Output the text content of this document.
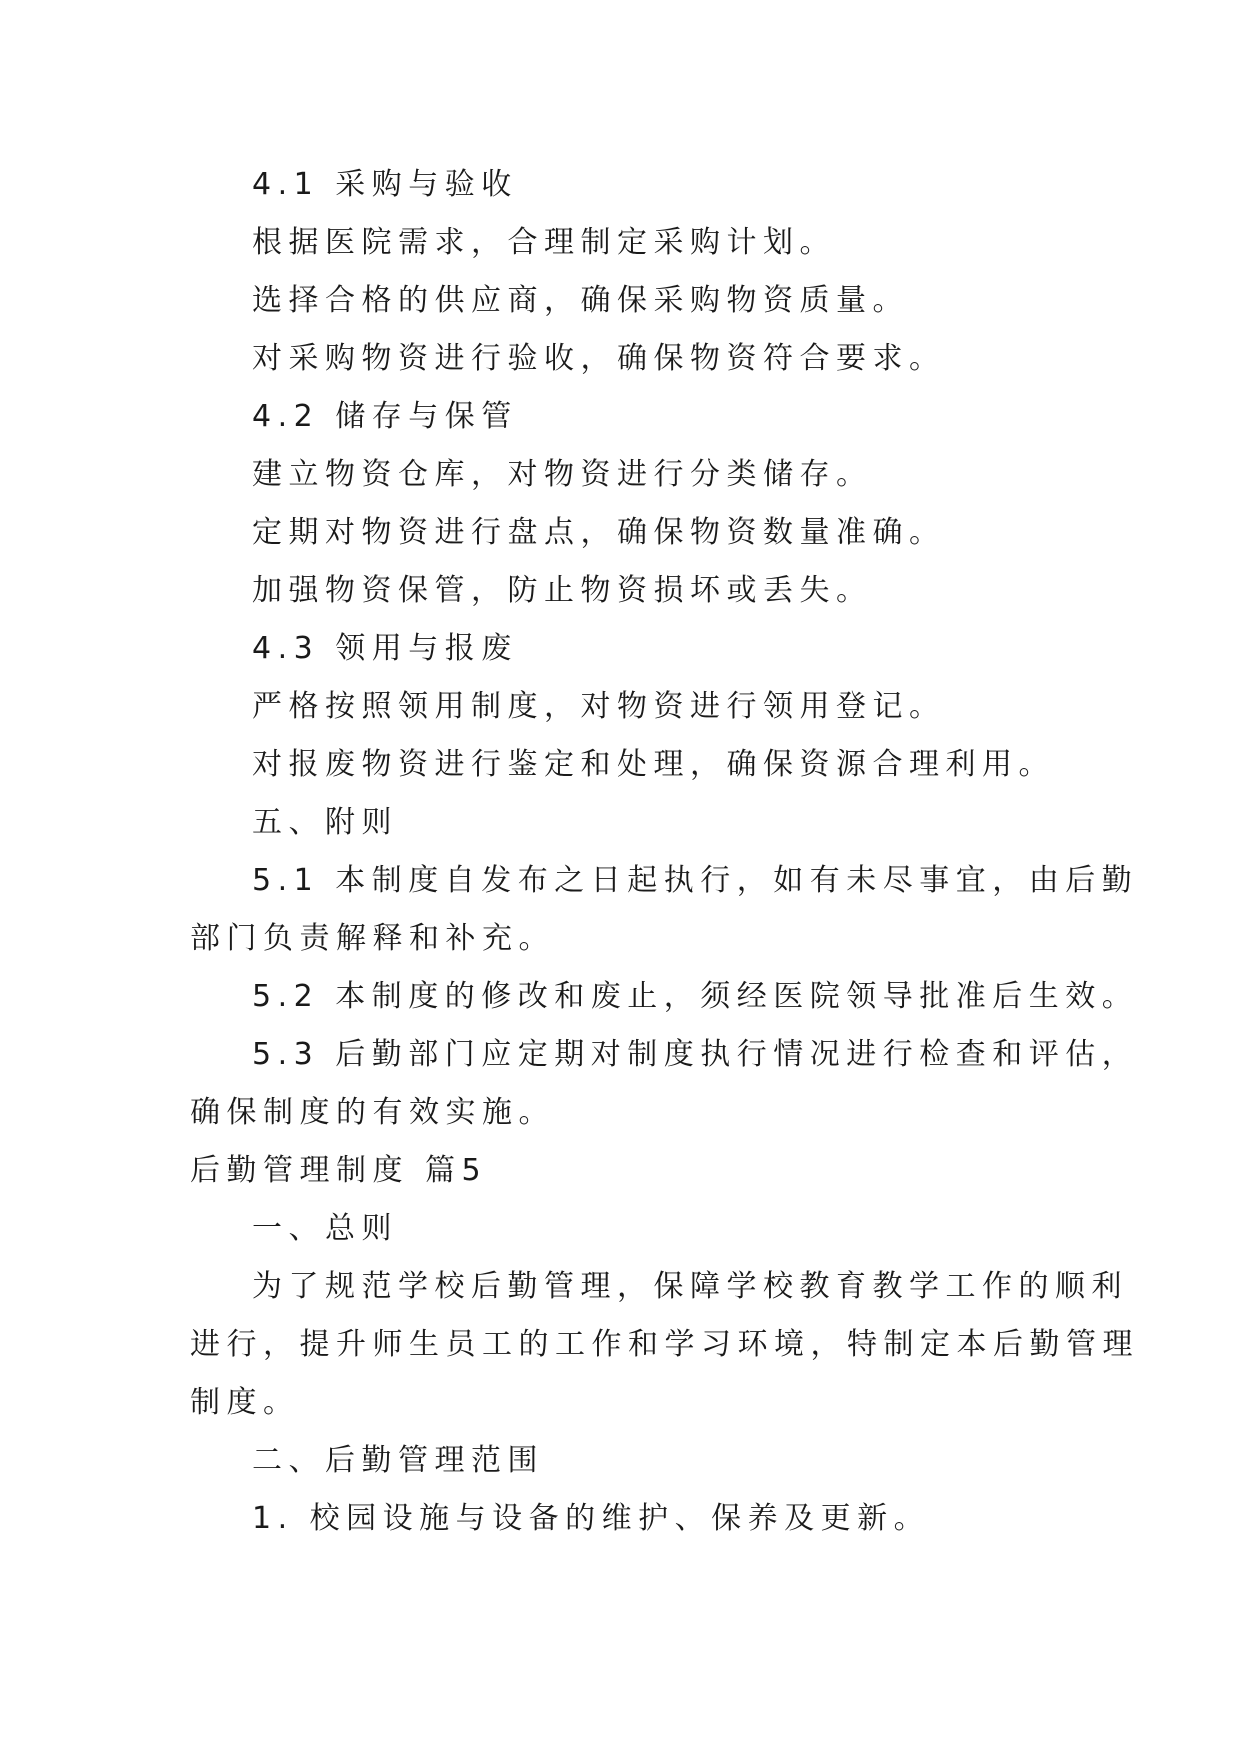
4.1 采购与验收
根据医院需求，合理制定采购计划。
选择合格的供应商，确保采购物资质量。
对采购物资进行验收，确保物资符合要求。
4.2 储存与保管
建立物资仓库，对物资进行分类储存。
定期对物资进行盘点，确保物资数量准确。
加强物资保管，防止物资损坏或丢失。
4.3 领用与报废
严格按照领用制度，对物资进行领用登记。
对报废物资进行鉴定和处理，确保资源合理利用。
五、附则
5.1 本制度自发布之日起执行，如有未尽事宜，由后勤
部门负责解释和补充。
5.2 本制度的修改和废止，须经医院领导批准后生效。
5.3 后勤部门应定期对制度执行情况进行检查和评估，
确保制度的有效实施。
后勤管理制度 篇5
一、总则
为了规范学校后勤管理，保障学校教育教学工作的顺利
进行，提升师生员工的工作和学习环境，特制定本后勤管理
制度。
二、后勤管理范围
1. 校园设施与设备的维护、保养及更新。
